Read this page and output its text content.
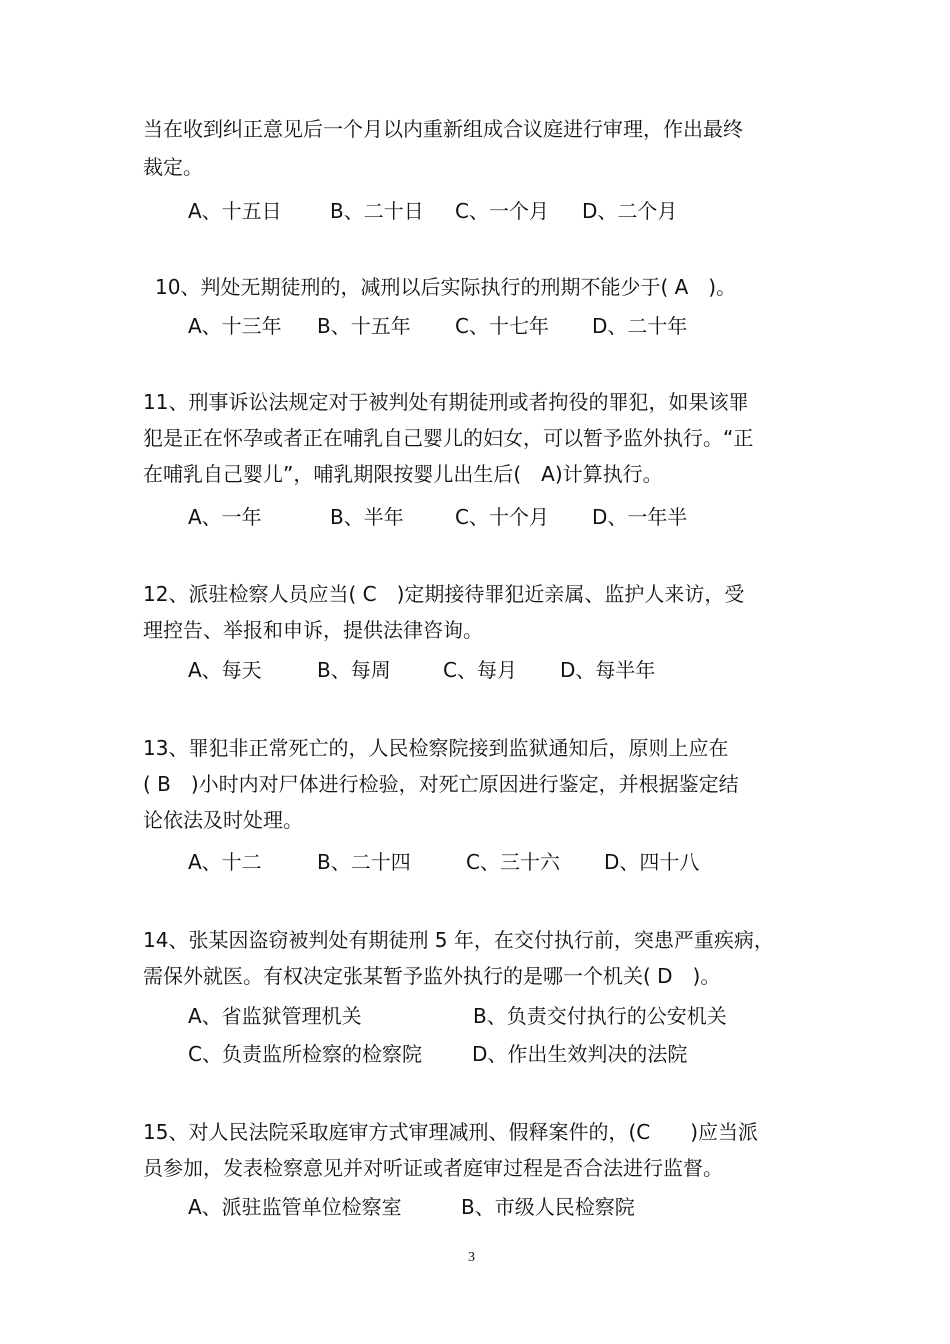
当在收到纠正意见后一个月以内重新组成合议庭进行审理，作出最终
裁定。
A、十五日 B、二十日 C、一个月 D、二个月
10、判处无期徒刑的，减刑以后实际执行的刑期不能少于( A　)。
A、十三年 B、十五年 C、十七年 D、二十年
11、刑事诉讼法规定对于被判处有期徒刑或者拘役的罪犯，如果该罪
犯是正在怀孕或者正在哺乳自己婴儿的妇女，可以暂予监外执行。“正
在哺乳自己婴儿”，哺乳期限按婴儿出生后(　A)计算执行。
A、一年	B、半年	C、十个月 D、一年半
12、派驻检察人员应当( C　)定期接待罪犯近亲属、监护人来访，受
理控告、举报和申诉，提供法律咨询。
A、每天	B、每周	C、每月 D、每半年
13、罪犯非正常死亡的，人民检察院接到监狱通知后，原则上应在
( B　)小时内对尸体进行检验，对死亡原因进行鉴定，并根据鉴定结
论依法及时处理。
A、十二	B、二十四	C、三十六 D、四十八
14、张某因盗窃被判处有期徒刑 5 年，在交付执行前，突患严重疾病，
需保外就医。有权决定张某暂予监外执行的是哪一个机关( D　)。
A、省监狱管理机关	B、负责交付执行的公安机关
C、负责监所检察的检察院	D、作出生效判决的法院
15、对人民法院采取庭审方式审理减刑、假释案件的，(C　　)应当派
员参加，发表检察意见并对听证或者庭审过程是否合法进行监督。
A、派驻监管单位检察室	B、市级人民检察院
3
